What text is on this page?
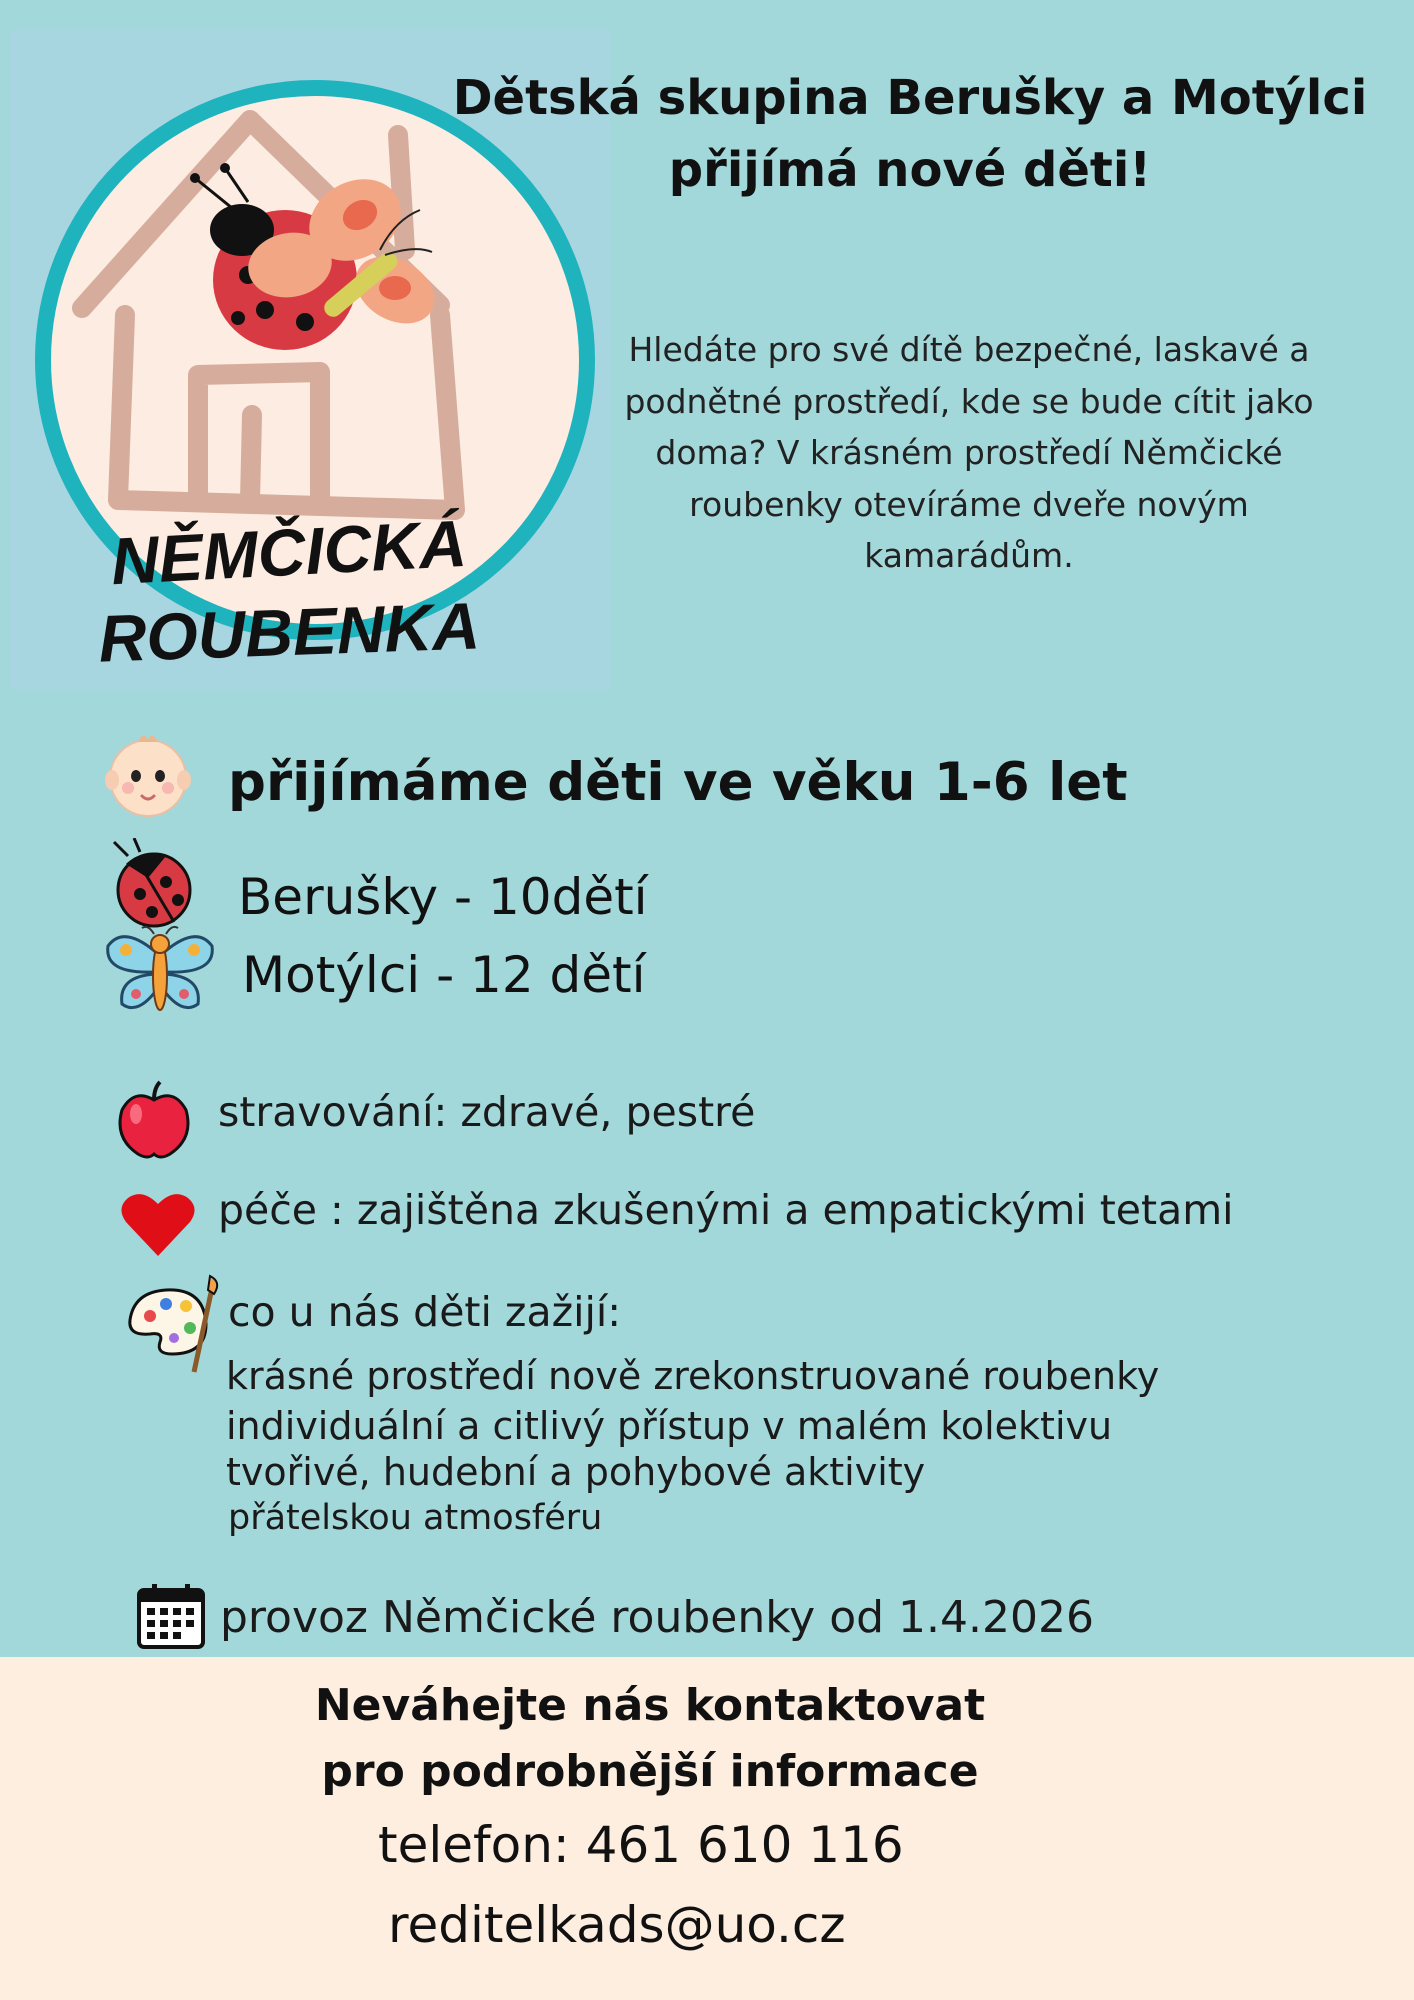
NĚMČICKÁ
ROUBENKA
Dětská skupina Berušky a Motýlci
přijímá nové děti!
Hledáte pro své dítě bezpečné, laskavé a
podnětné prostředí, kde se bude cítit jako
doma? V krásném prostředí Němčické
roubenky otevíráme dveře novým
kamarádům.
přijímáme děti ve věku 1-6 let
Berušky - 10dětí
Motýlci - 12 dětí
stravování: zdravé, pestré
péče : zajištěna zkušenými a empatickými tetami
co u nás děti zažijí:
krásné prostředí nově zrekonstruované roubenky
individuální a citlivý přístup v malém kolektivu
tvořivé, hudební a pohybové aktivity
přátelskou atmosféru
provoz Němčické roubenky od 1.4.2026
Neváhejte nás kontaktovat
pro podrobnější informace
telefon: 461 610 116
reditelkads@uo.cz
